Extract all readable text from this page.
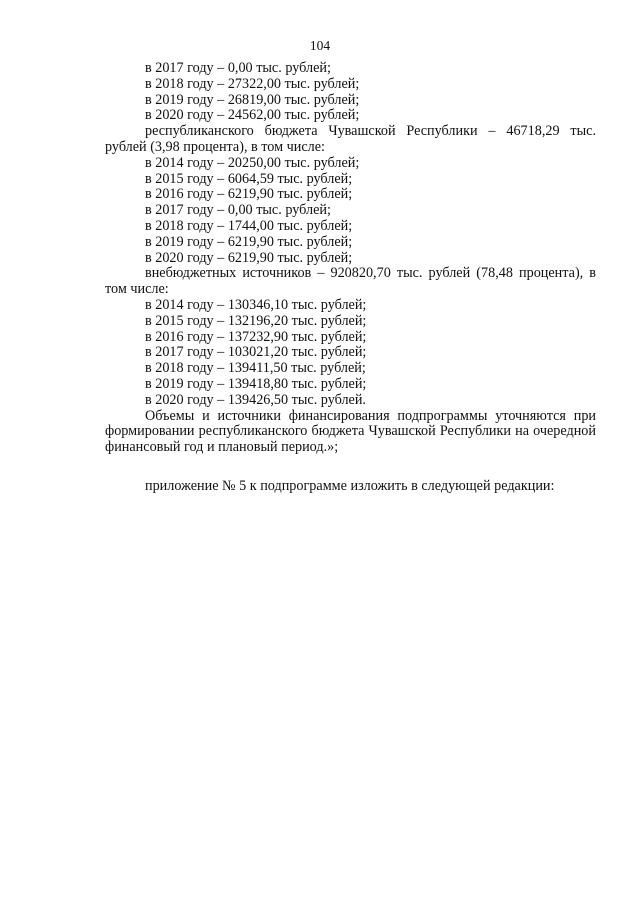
104
в 2017 году – 0,00 тыс. рублей;
в 2018 году – 27322,00 тыс. рублей;
в 2019 году – 26819,00 тыс. рублей;
в 2020 году – 24562,00 тыс. рублей;
республиканского бюджета Чувашской Республики – 46718,29 тыс. рублей (3,98 процента), в том числе:
в 2014 году – 20250,00 тыс. рублей;
в 2015 году – 6064,59 тыс. рублей;
в 2016 году – 6219,90 тыс. рублей;
в 2017 году – 0,00 тыс. рублей;
в 2018 году – 1744,00 тыс. рублей;
в 2019 году – 6219,90 тыс. рублей;
в 2020 году – 6219,90 тыс. рублей;
внебюджетных источников – 920820,70 тыс. рублей (78,48 процента), в том числе:
в 2014 году – 130346,10 тыс. рублей;
в 2015 году – 132196,20 тыс. рублей;
в 2016 году – 137232,90 тыс. рублей;
в 2017 году – 103021,20 тыс. рублей;
в 2018 году – 139411,50 тыс. рублей;
в 2019 году – 139418,80 тыс. рублей;
в 2020 году – 139426,50 тыс. рублей.
Объемы и источники финансирования подпрограммы уточняются при формировании республиканского бюджета Чувашской Республики на очередной финансовый год и плановый период.»;
приложение № 5 к подпрограмме изложить в следующей редакции:
